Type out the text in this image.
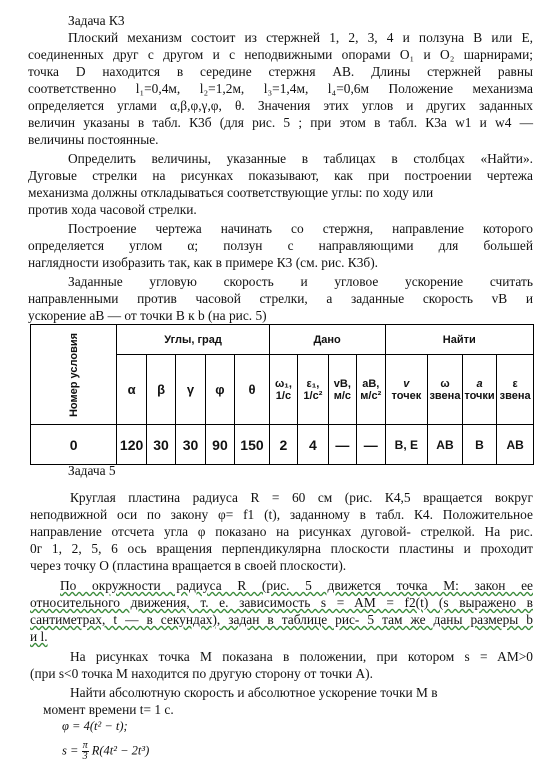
Задача К3
Плоский механизм состоит из стержней 1, 2, 3, 4 и ползуна B или E,
соединенных друг с другом и с неподвижными опорами O₁ и O₂ шарнирами;
точка D находится в середине стержня AB. Длины стержней равны
соответственно l₁=0,4м, l₂=1,2м, l₃=1,4м, l₄=0,6м Положение механизма
определяется углами α,β,φ,γ,φ, θ. Значения этих углов и других заданных
величин указаны в табл. К3б (для рис. 5 ; при этом в табл. К3а w1 и w4 —
величины постоянные.
Определить величины, указанные в таблицах в столбцах «Найти».
Дуговые стрелки на рисунках показывают, как при построении чертежа
механизма должны откладываться соответствующие углы: по ходу или
против хода часовой стрелки.
Построение чертежа начинать со стержня, направление которого
определяется углом α; ползун с направляющими для большей
наглядности изобразить так, как в примере К3 (см. рис. К3б).
Заданные угловую скорость и угловое ускорение считать
направленными против часовой стрелки, а заданные скорость vB и
ускорение aB — от точки B к b (на рис. 5)
Номер условия	Углы, град					Дано				Найти			
	α	β	γ	φ	θ	ω₁,
1/c	ε₁,
1/c²	vB,
м/с	aB,
м/с²	v
точек	ω
звена	a
точки	ε
звена
0	120	30	30	90	150	2	4	—	—	B, E	AB	B	AB
Задача 5
Круглая пластина радиуса R = 60 см (рис. К4,5 вращается вокруг
неподвижной оси по закону φ= f1 (t), заданному в табл. К4. Положительное
направление отсчета угла φ показано на рисунках дуговой- стрелкой. На рис.
0г 1, 2, 5, 6 ось вращения перпендикулярна плоскости пластины и проходит
через точку O (пластина вращается в своей плоскости).
По окружности радиуса R (рис. 5 движется точка M: закон ее
относительного движения, т. е. зависимость s = AM = f2(t) (s выражено в
сантиметрах, t — в секундах), задан в таблице рис- 5 там же даны размеры b
и l.
На рисунках точка M показана в положении, при котором s = AM>0
(при s<0 точка M находится по другую сторону от точки A).
Найти абсолютную скорость и абсолютное ускорение точки M в
момент времени t= 1 с.
φ = 4(t² − t);
$s = \frac{\pi}{3} R(4t^2 - 2t^3)$
